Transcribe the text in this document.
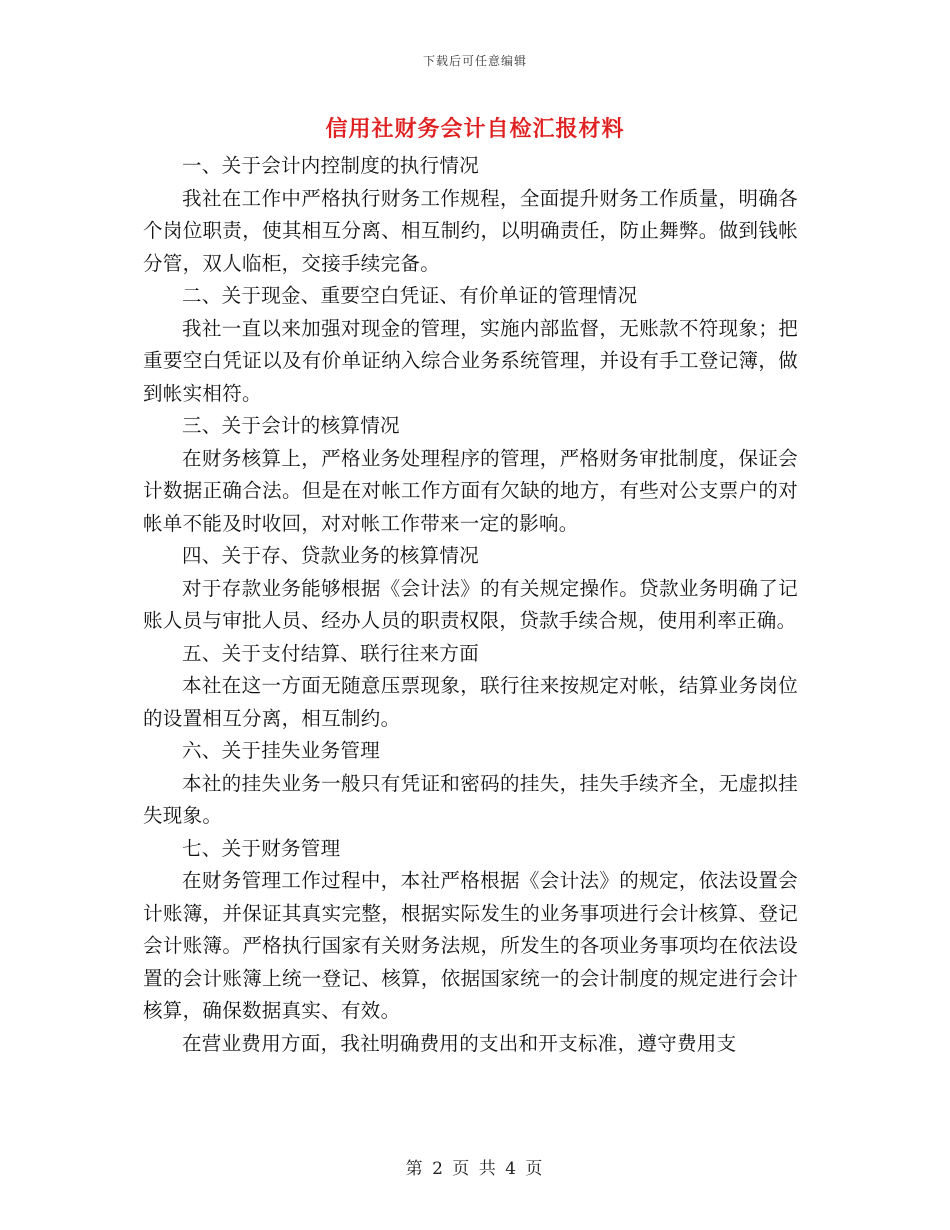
下载后可任意编辑
信用社财务会计自检汇报材料

一、关于会计内控制度的执行情况

我社在工作中严格执行财务工作规程，全面提升财务工作质量，明确各个岗位职责，使其相互分离、相互制约，以明确责任，防止舞弊。做到钱帐分管，双人临柜，交接手续完备。

二、关于现金、重要空白凭证、有价单证的管理情况

我社一直以来加强对现金的管理，实施内部监督，无账款不符现象；把重要空白凭证以及有价单证纳入综合业务系统管理，并设有手工登记簿，做到帐实相符。

三、关于会计的核算情况

在财务核算上，严格业务处理程序的管理，严格财务审批制度，保证会计数据正确合法。但是在对帐工作方面有欠缺的地方，有些对公支票户的对帐单不能及时收回，对对帐工作带来一定的影响。

四、关于存、贷款业务的核算情况

对于存款业务能够根据《会计法》的有关规定操作。贷款业务明确了记账人员与审批人员、经办人员的职责权限，贷款手续合规，使用利率正确。

五、关于支付结算、联行往来方面

本社在这一方面无随意压票现象，联行往来按规定对帐，结算业务岗位的设置相互分离，相互制约。

六、关于挂失业务管理

本社的挂失业务一般只有凭证和密码的挂失，挂失手续齐全，无虚拟挂失现象。

七、关于财务管理

在财务管理工作过程中，本社严格根据《会计法》的规定，依法设置会计账簿，并保证其真实完整，根据实际发生的业务事项进行会计核算、登记会计账簿。严格执行国家有关财务法规，所发生的各项业务事项均在依法设置的会计账簿上统一登记、核算，依据国家统一的会计制度的规定进行会计核算，确保数据真实、有效。

在营业费用方面，我社明确费用的支出和开支标准，遵守费用支

第 2 页 共 4 页
